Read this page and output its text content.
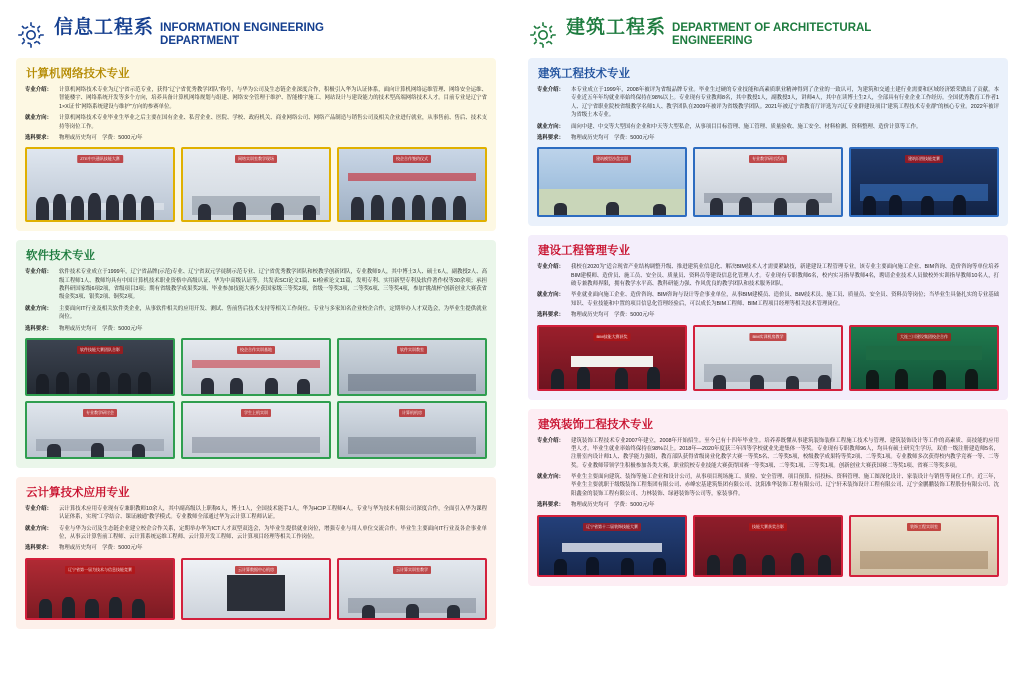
信息工程系 INFORMATION ENGINEERING DEPARTMENT
计算机网络技术专业
专业介绍：	计算机网络技术专业为辽宁省示范专业，获得“辽宁省优秀教学团队”称号，与华为公司及生态链企业深度合作，积极引入华为认证体系，面向计算机网络运维管理、网络安全运维、智能楼宇、网络系统开发等多个方向，培养具备计算机网络规划与组建、网络安全管理于维护、智能楼宇施工、网站设计与建设能力的技术型高端网络技术人才。目前专业是辽宁省1×X证书“网络系统建设与维护”方向的参赛单位。
就业方向：	计算机网络技术专业毕业生毕业之后主要在国有企业、私营企业、医院、学校、政府机关、商业网络公司、网络产品制造与销售公司及相关企业进行就业，从事售前、售后、技术支持等岗位工作。
选科要求：	物理或历史均可　学费：5000元/年
ZTE中兴通讯技能大赛	网络实训室教学现场	校企合作签约仪式
软件技术专业
专业介绍：	软件技术专业成立于1999年，辽宁省品牌(示范)专业、辽宁省双元学徒制示范专业、辽宁省优秀教学团队和校教学创新团队，专业教师9人，其中博士3人、硕士6人，副教授2人、高级工程师1人、教师均具有中国计算机技术职业资格中高级认证、华为中高级认证等。共发表SCI论文1篇、EI检索论文11篇，发明专利、实用新型专利及软件著作权等30余项；承担教科研国家级6项2项，省级项目3项；期有省级教学成果奖2项、毕业参加技能大赛少获国家级三等奖2项，省级一等奖3项，二等奖6项、三等奖4项，参加“挑战杯”创新创业大赛获省级金奖3项、银奖2项、铜奖2项。
就业方向：	主要面向IT行业及相关软件类企业，从事软件相关的应用开发、测试、售前售后技术支持等相关工作岗位。专业与多家知名企业校企合作，定期举办人才双选会，为毕业生提供就业岗位。
选科要求：	物理或历史均可　学费：5000元/年
软件技能大赛团队合影	校企合作实训基地	软件实训教室
专业教学研讨会	学生上机实训	计算机机房
云计算技术应用专业
专业介绍：	云计算技术应用专业现有专兼职教师10余人，其中副高级以上职称6人，博士1人，全国技术能手1人，华为HCIP工程师4人，专业与华为技术有限公司深度合作，全面引入华为课程认证体系，实现“工学结合、课证融通”教学模式。专业教师全部通过华为云计算工程师认证。
就业方向：	专业与华为公司及生态链企业建立校企合作关系，定期举办华为ICT人才双型双选会，为毕业生提供就业岗位，增强专业与用人单位交流合作。毕业生主要面向IT行业及各企事业单位，从事云计算售前工程师、云计算系统运维工程师、云计算开发工程师、云计算项目经理等相关工作岗位。
选科要求：	物理或历史均可　学费：5000元/年
辽宁省第一届为技术与信息技能竞赛	云计算数据中心机房	云计算实训室教学
建筑工程系 DEPARTMENT OF ARCHITECTURAL ENGINEERING
建筑工程技术专业
专业介绍：	本专业成立于1999年，2008年被评为省级品牌专业。毕业生过硬的专业技能和高素质职业精神得到了企业的一致认可，为建筑和交通土建行业需要和区域经济繁荣做出了贡献。本专业近五年年均就业率始终保持在98%以上。专业现有专业教师8名，其中教授1人，副教授3人，讲师4人，其中在读博士生2人，全部具有行业企业工作经历。全国优秀教育工作者1人、辽宁省职业院校省级教学名师1人、教学团队在2009年被评为省级教学团队。2021年被辽宁省教育厅评选为兴辽专业群建设项目“建筑工程技术专业群”的核心专业。2022年被评为省级土木专业。
就业方向：	面向中建、中交等大型国有企业和中天等大型私企，从事项目目标管理、施工管理、质量验收、施工安全、材料检测、资料整理、造价计算等工作。
选科要求：	物理或历史均可　学费：5000元/年
建筑模型沙盘实训	专业教学研讨活动	建筑识图技能竞赛
建设工程管理专业
专业介绍：	我校在2020为“适合现省产业结构调整升级、推进建筑业信息化、解决BIM技术人才需要紧缺技，新建建设工程管理专业，该专业主要面向施工企业、BIM咨询、造价咨询等单位培养BIM建模师、造价员、施工员、安全员、质量员、资料员等建设信息化管理人才。专业现有专职教师6名，校内实习指导教师4名，聘请企业技术人员做校外实训指导教师10名人，打破专兼教师界限，拥有教学水平高、教科研能力强、作风优良的教学团队和技术服务团队。
就业方向：	毕业就业面向施工企业、造价咨询、BIM咨询与设计等企事业单位，从事BIM建模员、造价员、BIM技术员、施工员、质量员、安全员、资料员等岗位；当毕业生具备扎实的专业基础知识、专业技能和中置的项目信息化管理经验后，可以成长为BIM工程师、BIM工程项目经理等相关技术管理岗位。
选科要求：	物理或历史均可　学费：5000元/年
BIM技能大赛获奖	BIM实训机房教学	大连三川建设集团校企合作
建筑装饰工程技术专业
专业介绍：	建筑装饰工程技术专业2007年建立，2008年开始招生。至今已有十四年毕业生。培养养既懂从事建筑装饰装修工程施工技术与管理、建筑装饰设计等工作的高素质、高技能的应用型人才。毕业生就业率始终保持在98%以上。2018年—2020年度获三年四等学校就业先进集体一等奖。专业现有专职教师96人，均具有硕士研究生学历，双重一级注册建造师5名，注册室内设计师1人、教学能力强组，教育部队获得省级岗业化教学大赛一等奖5名、二等奖5项，校级教学成果特等奖2项、二等奖1项。专业教师多次获得校内教学竞赛一等、二等奖。专业教师带领学生积极参加各类大赛，职业院校专业技能大赛获得国赛一等奖3项、二等奖1项、三等奖1项。创新创业大赛获国赛二等奖1项、省赛三等奖多项。
就业方向：	毕业生主要面向建筑、装饰等施工企业和设计公司，从事项目现场施工、质检、安全管理、项目预算、招投标、资料管理、施工图深化设计、家装设计与销售等岗位工作。近三年，毕业生主要就职于级级装饰工程集团有限公司、赤峰宏基建筑集团有限公司、沈阳准华装饰工程有限公司、辽宁轩禾装饰设计工程有限公司、辽宁金鹏鹏装饰工程股份有限公司、沈阳鑫金的装饰工程有限公司、力林装饰、绿港装饰等公司等，家装事件。
选科要求：	物理或历史均可　学费：5000元/年
辽宁省第十二届装饰技能大赛	技能大赛获奖合影	装饰工程实训室
